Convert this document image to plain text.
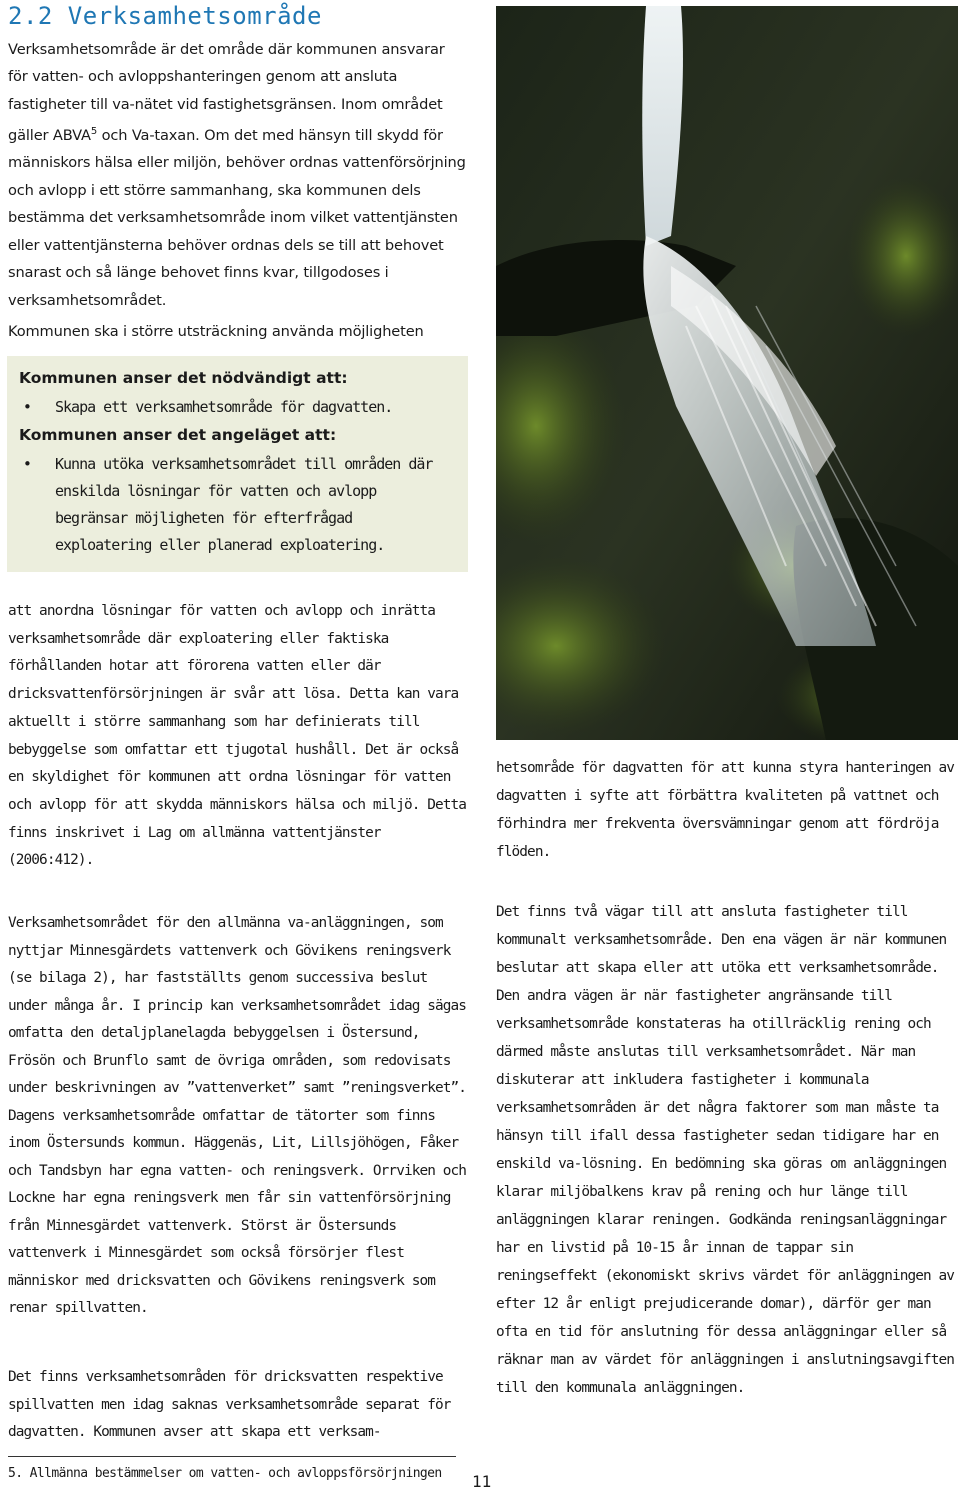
2.2 Verksamhetsområde

Verksamhetsområde är det område där kommunen ansvarar för vatten- och avloppshanteringen genom att ansluta fastigheter till va-nätet vid fastighetsgränsen. Inom området gäller ABVA$^5$ och Va-taxan. Om det med hänsyn till skydd för människors hälsa eller miljön, behöver ordnas vattenförsörjning och avlopp i ett större sammanhang, ska kommunen dels bestämma det verksamhetsområde inom vilket vattentjänsten eller vattentjänsterna behöver ordnas dels se till att behovet snarast och så länge behovet finns kvar, tillgodoses i verksamhetsområdet.

Kommunen ska i större utsträckning använda möjligheten

Kommunen anser det nödvändigt att:

• Skapa ett verksamhetsområde för dagvatten.

Kommunen anser det angeläget att:

• Kunna utöka verksamhetsområdet till områden där enskilda lösningar för vatten och avlopp begränsar möjligheten för efterfrågad exploatering eller planerad exploatering.

att anordna lösningar för vatten och avlopp och inrätta verksamhetsområde där exploatering eller faktiska förhållanden hotar att förorena vatten eller där dricksvattenförsörjningen är svår att lösa. Detta kan vara aktuellt i större sammanhang som har definierats till bebyggelse som omfattar ett tjugotal hushåll. Det är också en skyldighet för kommunen att ordna lösningar för vatten och avlopp för att skydda människors hälsa och miljö. Detta finns inskrivet i Lag om allmänna vattentjänster (2006:412).

Verksamhetsområdet för den allmänna va-anläggningen, som nyttjar Minnesgärdets vattenverk och Gövikens reningsverk (se bilaga 2), har fastställts genom successiva beslut under många år. I princip kan verksamhetsområdet idag sägas omfatta den detaljplanelagda bebyggelsen i Östersund, Frösön och Brunflo samt de övriga områden, som redovisats under beskrivningen av ”vattenverket” samt ”reningsverket”. Dagens verksamhetsområde omfattar de tätorter som finns inom Östersunds kommun. Häggenäs, Lit, Lillsjöhögen, Fåker och Tandsbyn har egna vatten- och reningsverk. Orrviken och Lockne har egna reningsverk men får sin vattenförsörjning från Minnesgärdet vattenverk. Störst är Östersunds vattenverk i Minnesgärdet som också försörjer flest människor med dricksvatten och Gövikens reningsverk som renar spillvatten.

Det finns verksamhetsområden för dricksvatten respektive spillvatten men idag saknas verksamhetsområde separat för dagvatten. Kommunen avser att skapa ett verksam-

hetsområde för dagvatten för att kunna styra hanteringen av dagvatten i syfte att förbättra kvaliteten på vattnet och förhindra mer frekventa översvämningar genom att fördröja flöden.

Det finns två vägar till att ansluta fastigheter till kommunalt verksamhetsområde. Den ena vägen är när kommunen beslutar att skapa eller att utöka ett verksamhetsområde. Den andra vägen är när fastigheter angränsande till verksamhetsområde konstateras ha otillräcklig rening och därmed måste anslutas till verksamhetsområdet. När man diskuterar att inkludera fastigheter i kommunala verksamhetsområden är det några faktorer som man måste ta hänsyn till ifall dessa fastigheter sedan tidigare har en enskild va-lösning. En bedömning ska göras om anläggningen klarar miljöbalkens krav på rening och hur länge till anläggningen klarar reningen. Godkända reningsanläggningar har en livstid på 10-15 år innan de tappar sin reningseffekt (ekonomiskt skrivs värdet för anläggningen av efter 12 år enligt prejudicerande domar), därför ger man ofta en tid för anslutning för dessa anläggningar eller så räknar man av värdet för anläggningen i anslutningsavgiften till den kommunala anläggningen.

5. Allmänna bestämmelser om vatten- och avloppsförsörjningen 11
